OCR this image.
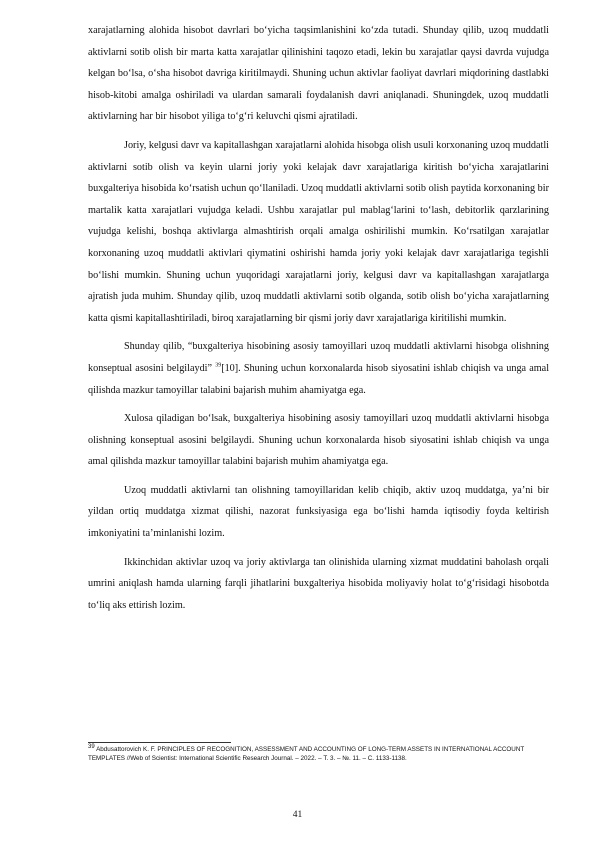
xarajatlarning alohida hisobot davrlari bo‘yicha taqsimlanishini ko‘zda tutadi. Shunday qilib, uzoq muddatli aktivlarni sotib olish bir marta katta xarajatlar qilinishini taqozo etadi, lekin bu xarajatlar qaysi davrda vujudga kelgan bo‘lsa, o‘sha hisobot davriga kiritilmaydi. Shuning uchun aktivlar faoliyat davrlari miqdorining dastlabki hisob-kitobi amalga oshiriladi va ulardan samarali foydalanish davri aniqlanadi. Shuningdek, uzoq muddatli aktivlarning har bir hisobot yiliga to‘g‘ri keluvchi qismi ajratiladi.

Joriy, kelgusi davr va kapitallashgan xarajatlarni alohida hisobga olish usuli korxonaning uzoq muddatli aktivlarni sotib olish va keyin ularni joriy yoki kelajak davr xarajatlariga kiritish bo‘yicha xarajatlarini buxgalteriya hisobida ko‘rsatish uchun qo‘llaniladi. Uzoq muddatli aktivlarni sotib olish paytida korxonaning bir martalik katta xarajatlari vujudga keladi. Ushbu xarajatlar pul mablag‘larini to‘lash, debitorlik qarzlarining vujudga kelishi, boshqa aktivlarga almashtirish orqali amalga oshirilishi mumkin. Ko‘rsatilgan xarajatlar korxonaning uzoq muddatli aktivlari qiymatini oshirishi hamda joriy yoki kelajak davr xarajatlariga tegishli bo‘lishi mumkin. Shuning uchun yuqoridagi xarajatlarni joriy, kelgusi davr va kapitallashgan xarajatlarga ajratish juda muhim. Shunday qilib, uzoq muddatli aktivlarni sotib olganda, sotib olish bo‘yicha xarajatlarning katta qismi kapitallashtiriladi, biroq xarajatlarning bir qismi joriy davr xarajatlariga kiritilishi mumkin.

Shunday qilib, “buxgalteriya hisobining asosiy tamoyillari uzoq muddatli aktivlarni hisobga olishning konseptual asosini belgilaydi” $^{39}$[10]. Shuning uchun korxonalarda hisob siyosatini ishlab chiqish va unga amal qilishda mazkur tamoyillar talabini bajarish muhim ahamiyatga ega.

Xulosa qiladigan bo‘lsak, buxgalteriya hisobining asosiy tamoyillari uzoq muddatli aktivlarni hisobga olishning konseptual asosini belgilaydi. Shuning uchun korxonalarda hisob siyosatini ishlab chiqish va unga amal qilishda mazkur tamoyillar talabini bajarish muhim ahamiyatga ega.

Uzoq muddatli aktivlarni tan olishning tamoyillaridan kelib chiqib, aktiv uzoq muddatga, ya’ni bir yildan ortiq muddatga xizmat qilishi, nazorat funksiyasiga ega bo‘lishi hamda iqtisodiy foyda keltirish imkoniyatini ta’minlanishi lozim.

Ikkinchidan aktivlar uzoq va joriy aktivlarga tan olinishida ularning xizmat muddatini baholash orqali umrini aniqlash hamda ularning farqli jihatlarini buxgalteriya hisobida moliyaviy holat to‘g‘risidagi hisobotda to‘liq aks ettirish lozim.

$^{39}$ Abdusattorovich K. F. PRINCIPLES OF RECOGNITION, ASSESSMENT AND ACCOUNTING OF LONG-TERM ASSETS IN INTERNATIONAL ACCOUNT TEMPLATES //Web of Scientist: International Scientific Research Journal. – 2022. – Т. 3. – №. 11. – С. 1133-1138.

41
